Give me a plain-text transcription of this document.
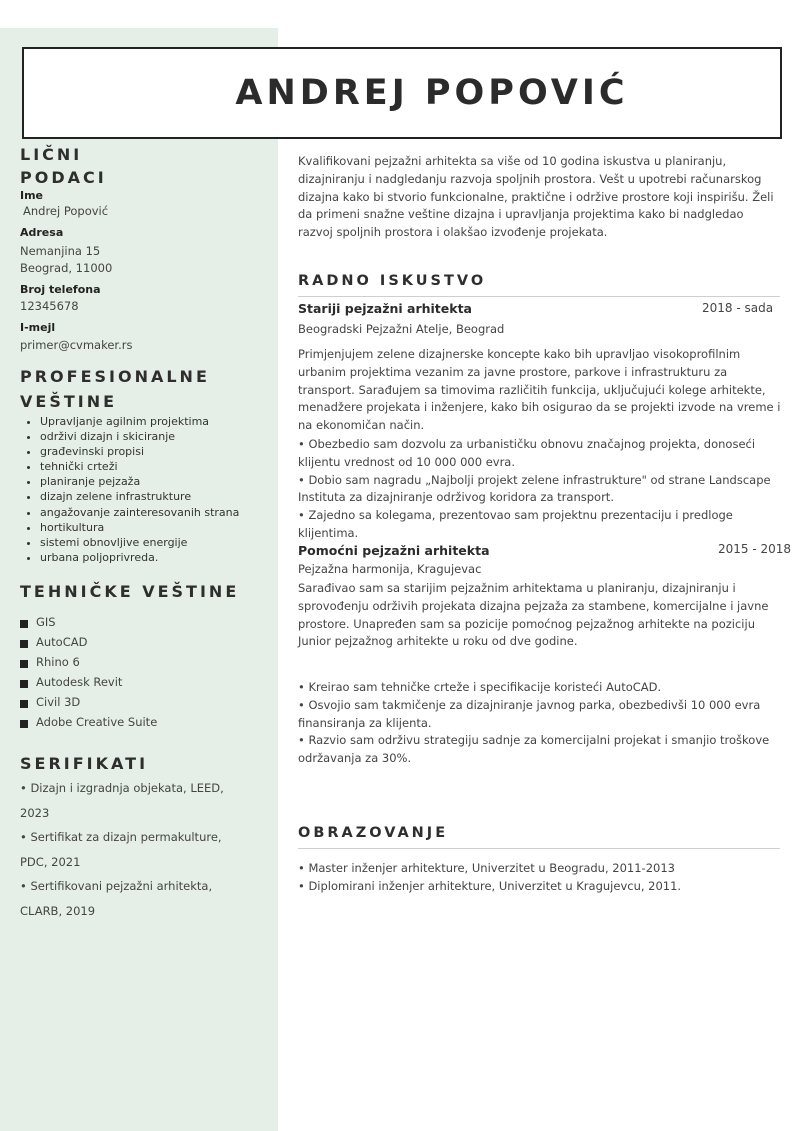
ANDREJ POPOVIĆ
LIČNI
PODACI
Ime
Andrej Popović
Adresa
Nemanjina 15
Beograd, 11000
Broj telefona
12345678
I-mejl
primer@cvmaker.rs
PROFESIONALNE
VEŠTINE
• Upravljanje agilnim projektima
• održivi dizajn i skiciranje
• građevinski propisi
• tehnički crteži
• planiranje pejzaža
• dizajn zelene infrastrukture
• angažovanje zainteresovanih strana
• hortikultura
• sistemi obnovljive energije
• urbana poljoprivreda.
TEHNIČKE VEŠTINE
GIS
AutoCAD
Rhino 6
Autodesk Revit
Civil 3D
Adobe Creative Suite
SERIFIKATI

• Dizajn i izgradnja objekata, LEED, 2023

• Sertifikat za dizajn permakulture, PDC, 2021

• Sertifikovani pejzažni arhitekta, CLARB, 2019

Kvalifikovani pejzažni arhitekta sa više od 10 godina iskustva u planiranju, dizajniranju i nadgledanju razvoja spoljnih prostora. Vešt u upotrebi računarskog dizajna kako bi stvorio funkcionalne, praktične i održive prostore koji inspirišu. Želi da primeni snažne veštine dizajna i upravljanja projektima kako bi nadgledao razvoj spoljnih prostora i olakšao izvođenje projekata.

RADNO ISKUSTVO
Stariji pejzažni arhitekta	2018 - sada
Beogradski Pejzažni Atelje, Beograd

Primjenjujem zelene dizajnerske koncepte kako bih upravljao visokoprofilnim urbanim projektima vezanim za javne prostore, parkove i infrastrukturu za transport. Sarađujem sa timovima različitih funkcija, uključujući kolege arhitekte, menadžere projekata i inženjere, kako bih osigurao da se projekti izvode na vreme i na ekonomičan način.

• Obezbedio sam dozvolu za urbanističku obnovu značajnog projekta, donoseći klijentu vrednost od 10 000 000 evra.
• Dobio sam nagradu „Najbolji projekt zelene infrastrukture" od strane Landscape Instituta za dizajniranje održivog koridora za transport.
• Zajedno sa kolegama, prezentovao sam projektnu prezentaciju i predloge klijentima.
Pomoćni pejzažni arhitekta	2015 - 2018
Pejzažna harmonija, Kragujevac

Sarađivao sam sa starijim pejzažnim arhitektama u planiranju, dizajniranju i sprovođenju održivih projekata dizajna pejzaža za stambene, komercijalne i javne prostore. Unapređen sam sa pozicije pomoćnog pejzažnog arhitekte na poziciju Junior pejzažnog arhitekte u roku od dve godine.

• Kreirao sam tehničke crteže i specifikacije koristeći AutoCAD.
• Osvojio sam takmičenje za dizajniranje javnog parka, obezbedivši 10 000 evra finansiranja za klijenta.
• Razvio sam održivu strategiju sadnje za komercijalni projekat i smanjio troškove održavanja za 30%.
OBRAZOVANJE

• Master inženjer arhitekture, Univerzitet u Beogradu, 2011-2013

• Diplomirani inženjer arhitekture, Univerzitet u Kragujevcu, 2011.
